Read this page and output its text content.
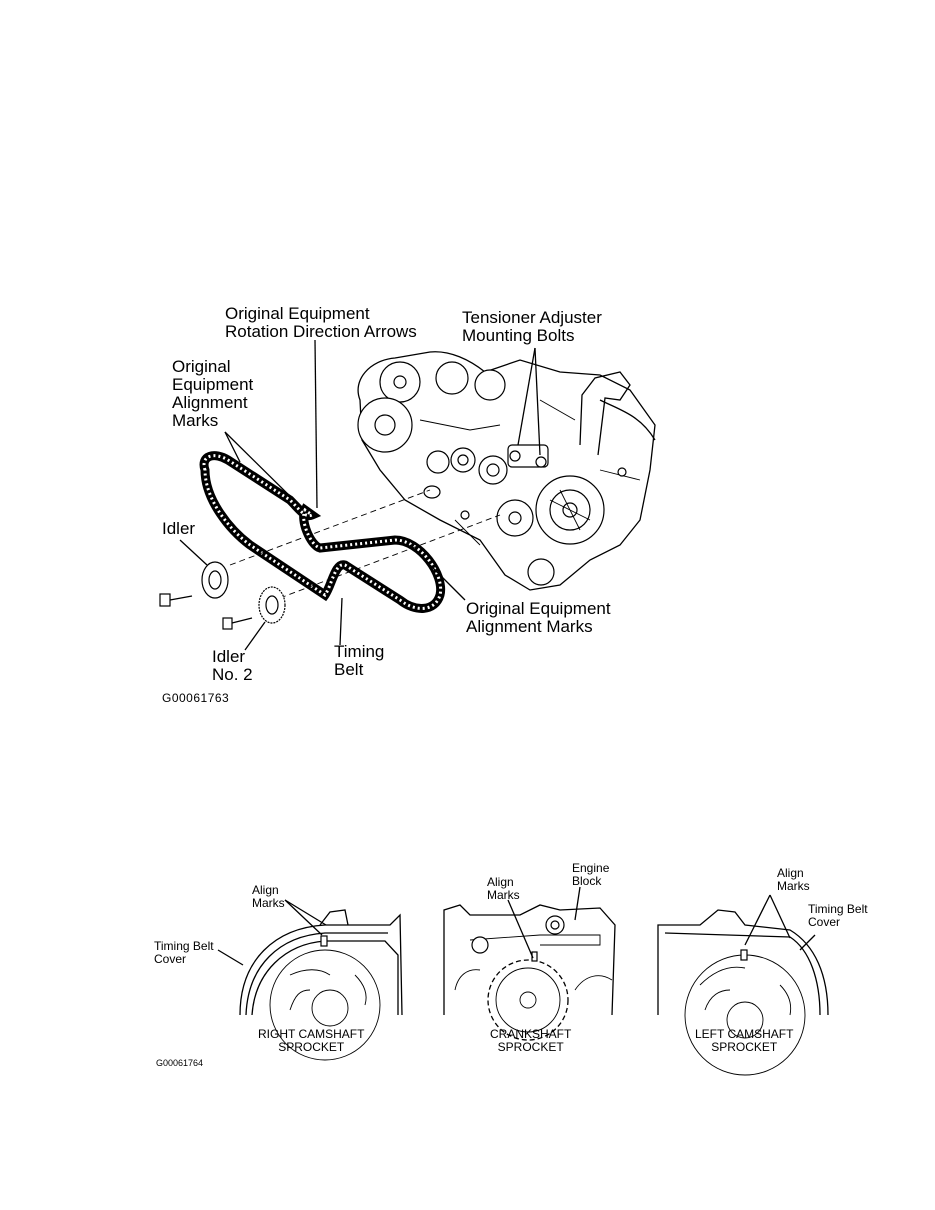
Original Equipment
Rotation Direction Arrows
Tensioner Adjuster
Mounting Bolts
Original
Equipment
Alignment
Marks
Idler
Idler
No. 2
Timing
Belt
Original Equipment
Alignment Marks
G00061763
Align
Marks
Timing Belt
Cover
RIGHT CAMSHAFT
SPROCKET
Align
Marks
Engine
Block
CRANKSHAFT
SPROCKET
Align
Marks
Timing Belt
Cover
LEFT CAMSHAFT
SPROCKET
G00061764
